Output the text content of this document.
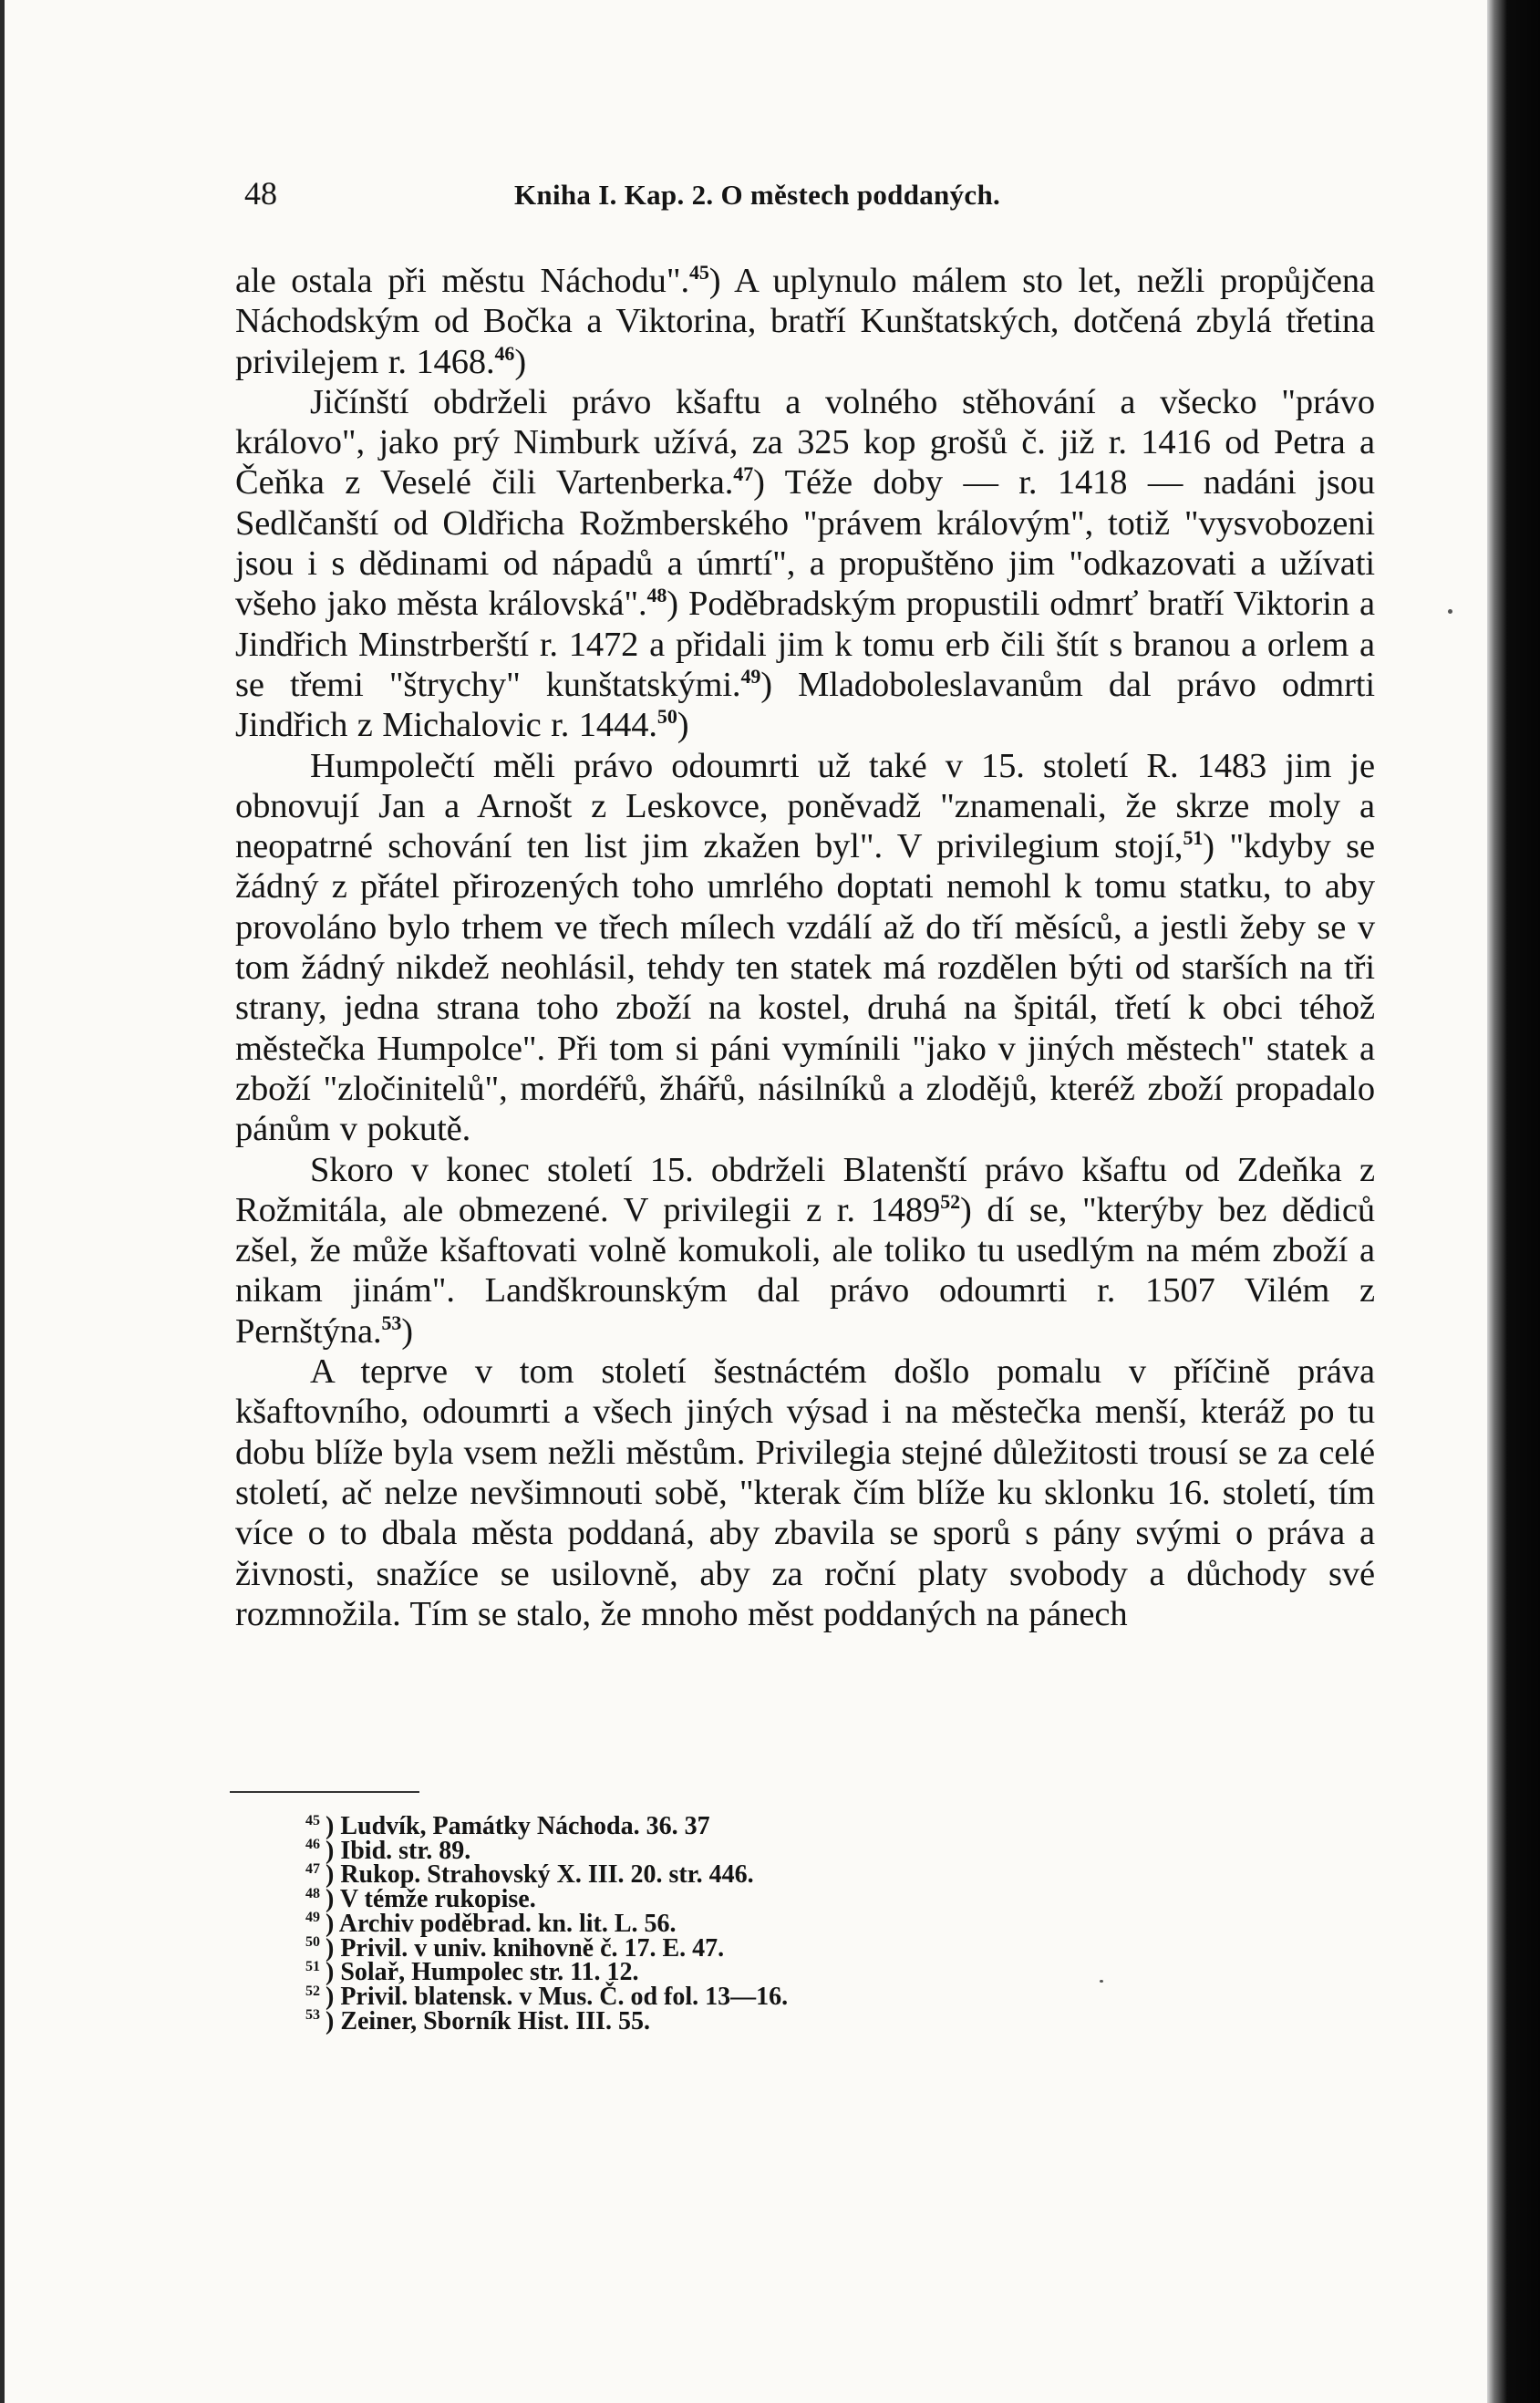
48	Kniha I. Kap. 2. O městech poddaných.

ale ostala při městu Náchodu".$^{45}$) A uplynulo málem sto let, nežli propůjčena Náchodským od Bočka a Viktorina, bratří Kunštatských, dotčená zbylá třetina privilejem r. 1468.46)

Jičínští obdrželi právo kšaftu a volného stěhování a všecko "právo královo", jako prý Nimburk užívá, za 325 kop grošů č. již r. 1416 od Petra a Čeňka z Veselé čili Vartenberka.$^{47}$) Téže doby — r. 1418 — nadáni jsou Sedlčanští od Oldřicha Rožmberského "právem královým", totiž "vysvobozeni jsou i s dědinami od nápadů a úmrtí", a propuštěno jim "odkazovati a užívati všeho jako města královská".$^{48}$) Poděbradským propustili odmrť bratří Viktorin a Jindřich Minstrberští r. 1472 a přidali jim k tomu erb čili štít s branou a orlem a se třemi "štrychy" kunštatskými.$^{49}$) Mladoboleslavanům dal právo odmrti Jindřich z Michalovic r. 1444.50)

Humpolečtí měli právo odoumrti už také v 15. století R. 1483 jim je obnovují Jan a Arnošt z Leskovce, poněvadž "znamenali, že skrze moly a neopatrné schování ten list jim zkažen byl". V privilegium stojí,$^{51}$) "kdyby se žádný z přátel přirozených toho umrlého doptati nemohl k tomu statku, to aby provoláno bylo trhem ve třech mílech vzdálí až do tří měsíců, a jestli žeby se v tom žádný nikdež neohlásil, tehdy ten statek má rozdělen býti od starších na tři strany, jedna strana toho zboží na kostel, druhá na špitál, třetí k obci téhož městečka Humpolce". Při tom si páni vymínili "jako v jiných městech" statek a zboží "zločinitelů", mordéřů, žhářů, násilníků a zlodějů, kteréž zboží propadalo pánům v pokutě.

Skoro v konec století 15. obdrželi Blatenští právo kšaftu od Zdeňka z Rožmitála, ale obmezené. V privilegii z r. 1489$^{52}$) dí se, "kterýby bez dědiců zšel, že může kšaftovati volně komukoli, ale toliko tu usedlým na mém zboží a nikam jinám". Landškrounským dal právo odoumrti r. 1507 Vilém z Pernštýna.$^{53}$)

A teprve v tom století šestnáctém došlo pomalu v příčině práva kšaftovního, odoumrti a všech jiných výsad i na městečka menší, kteráž po tu dobu blíže byla vsem nežli městům. Privilegia stejné důležitosti trousí se za celé století, ač nelze nevšimnouti sobě, "kterak čím blíže ku sklonku 16. století, tím více o to dbala města poddaná, aby zbavila se sporů s pány svými o práva a živnosti, snažíce se usilovně, aby za roční platy svobody a důchody své rozmnožila. Tím se stalo, že mnoho měst poddaných na pánech

$^{45}$ ) Ludvík, Památky Náchoda. 36. 37
$^{46}$ ) Ibid. str. 89.
$^{47}$ ) Rukop. Strahovský X. III. 20. str. 446.
$^{48}$ ) V témže rukopise.
$^{49}$ ) Archiv poděbrad. kn. lit. L. 56.
$^{50}$ ) Privil. v univ. knihovně č. 17. E. 47.
$^{51}$ ) Solař, Humpolec str. 11. 12.
$^{52}$ ) Privil. blatensk. v Mus. Č. od fol. 13—16.
$^{53}$ ) Zeiner, Sborník Hist. III. 55.
